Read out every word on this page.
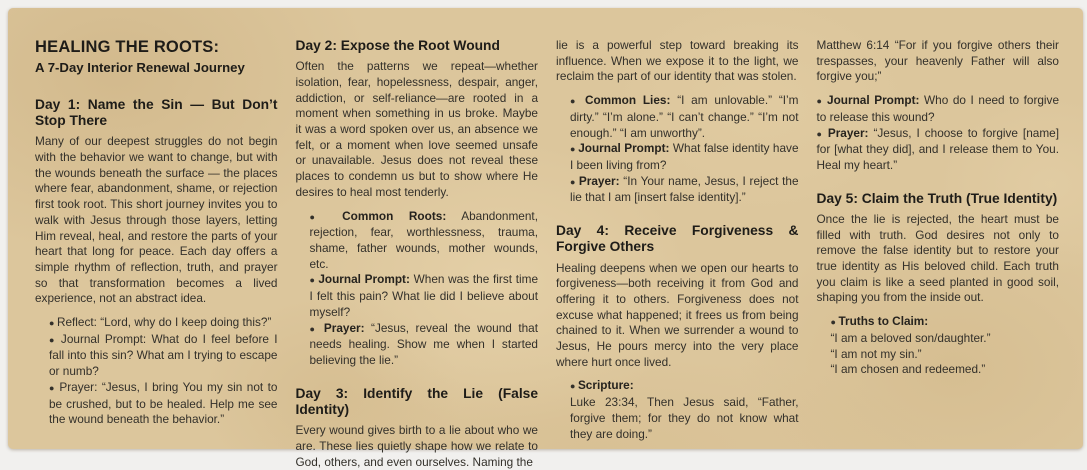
HEALING THE ROOTS:
A 7-Day Interior Renewal Journey
Day 1: Name the Sin — But Don’t Stop There
Many of our deepest struggles do not begin with the behavior we want to change, but with the wounds beneath the surface — the places where fear, abandonment, shame, or rejection first took root. This short journey invites you to walk with Jesus through those layers, letting Him reveal, heal, and restore the parts of your heart that long for peace. Each day offers a simple rhythm of reflection, truth, and prayer so that transformation becomes a lived experience, not an abstract idea.
● Reflect: “Lord, why do I keep doing this?”
● Journal Prompt: What do I feel before I fall into this sin? What am I trying to escape or numb?
● Prayer: “Jesus, I bring You my sin not to be crushed, but to be healed. Help me see the wound beneath the behavior.”
Day 2: Expose the Root Wound
Often the patterns we repeat—whether isolation, fear, hopelessness, despair, anger, addiction, or self-reliance—are rooted in a moment when something in us broke. Maybe it was a word spoken over us, an absence we felt, or a moment when love seemed unsafe or unavailable. Jesus does not reveal these places to condemn us but to show where He desires to heal most tenderly.
● Common Roots: Abandonment, rejection, fear, worthlessness, trauma, shame, father wounds, mother wounds, etc.
● Journal Prompt: When was the first time I felt this pain? What lie did I believe about myself?
● Prayer: “Jesus, reveal the wound that needs healing. Show me when I started believing the lie.”
Day 3: Identify the Lie (False Identity)
Every wound gives birth to a lie about who we are. These lies quietly shape how we relate to God, others, and even ourselves. Naming the
lie is a powerful step toward breaking its influence. When we expose it to the light, we reclaim the part of our identity that was stolen.
● Common Lies: “I am unlovable.” “I’m dirty.” “I’m alone.” “I can’t change.” “I’m not enough.” “I am unworthy”.
● Journal Prompt: What false identity have I been living from?
● Prayer: “In Your name, Jesus, I reject the lie that I am [insert false identity].”
Day 4: Receive Forgiveness & Forgive Others
Healing deepens when we open our hearts to forgiveness—both receiving it from God and offering it to others. Forgiveness does not excuse what happened; it frees us from being chained to it. When we surrender a wound to Jesus, He pours mercy into the very place where hurt once lived.
● Scripture:
Luke 23:34, Then Jesus said, “Father, forgive them; for they do not know what they are doing.”
Matthew 6:14 “For if you forgive others their trespasses, your heavenly Father will also forgive you;”
● Journal Prompt: Who do I need to forgive to release this wound?
● Prayer: “Jesus, I choose to forgive [name] for [what they did], and I release them to You. Heal my heart.”
Day 5: Claim the Truth (True Identity)
Once the lie is rejected, the heart must be filled with truth. God desires not only to remove the false identity but to restore your true identity as His beloved child. Each truth you claim is like a seed planted in good soil, shaping you from the inside out.
● Truths to Claim:
“I am a beloved son/daughter.”
“I am not my sin.”
“I am chosen and redeemed.”
